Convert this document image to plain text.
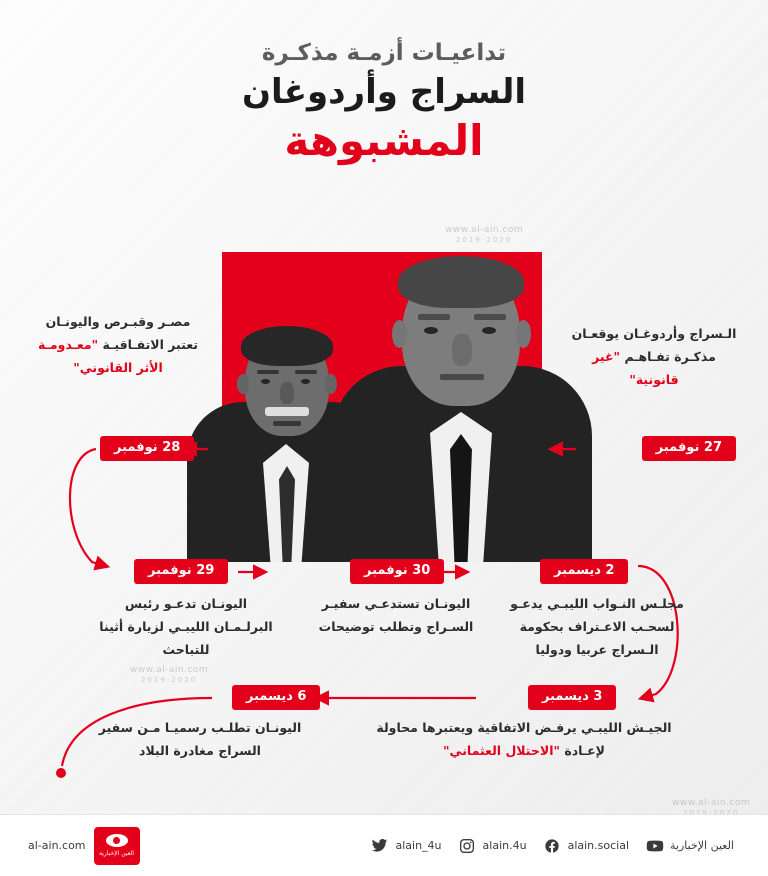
تداعيـات أزمـة مذكـرة
السراج وأردوغان
المشبوهة
www.al-ain.com
2019-2020
www.al-ain.com
2019-2020
www.al-ain.com
27 نوفمبر
28 نوفمبر
29 نوفمبر	30 نوفمبر	2 ديسمبر
3 ديسمبر
6 ديسمبر
الـسراج وأردوغـان يوقعـان مذكـرة تفـاهـم "غير قانونية"
مصـر وقبـرص واليونـان تعتبر الاتفـاقيـة "معـدومـة الأثر القانوني"
اليونـان تدعـو رئيس البرلـمـان الليبـي لزيارة أثينا للتباحث
اليونـان تستدعـي سفيـر السـراج وتطلب توضيحات
مجلـس النـواب الليبـي يدعـو لسحـب الاعـتراف بحكومة الـسراج عربيا ودوليا
الجيـش الليبـي يرفـض الاتفاقية ويعتبرها محاولة لإعـادة "الاحتلال العثماني"
اليونـان تطلـب رسميـا مـن سفير السراج مغادرة البلاد
alain_4u	alain.4u	alain.social	العين الإخبارية
al-ain.com
العين الإخبارية
